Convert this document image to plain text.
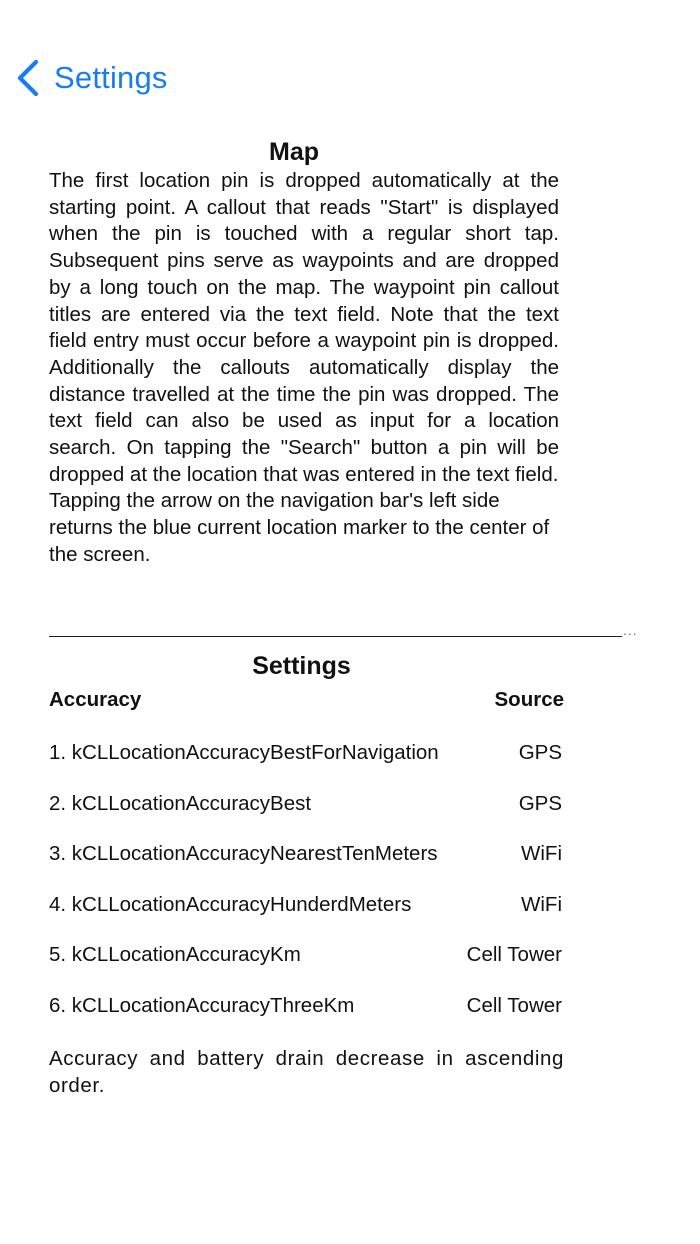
Settings
Map

The first location pin is dropped automatically at the starting point. A callout that reads "Start" is displayed when the pin is touched with a regular short tap. Subsequent pins serve as waypoints and are dropped by a long touch on the map. The waypoint pin callout titles are entered via the text field. Note that the text field entry must occur before a waypoint pin is dropped. Additionally the callouts automatically display the distance travelled at the time the pin was dropped. The text field can also be used as input for a location search. On tapping the "Search" button a pin will be dropped at the location that was entered in the text field.

Tapping the arrow on the navigation bar's left side returns the blue current location marker to the center of the screen.

...
Settings
Accuracy	Source
1. kCLLocationAccuracyBestForNavigation	GPS
2. kCLLocationAccuracyBest	GPS
3. kCLLocationAccuracyNearestTenMeters	WiFi
4. kCLLocationAccuracyHunderdMeters	WiFi
5. kCLLocationAccuracyKm	Cell Tower
6. kCLLocationAccuracyThreeKm	Cell Tower
Accuracy and battery drain decrease in ascending order.
